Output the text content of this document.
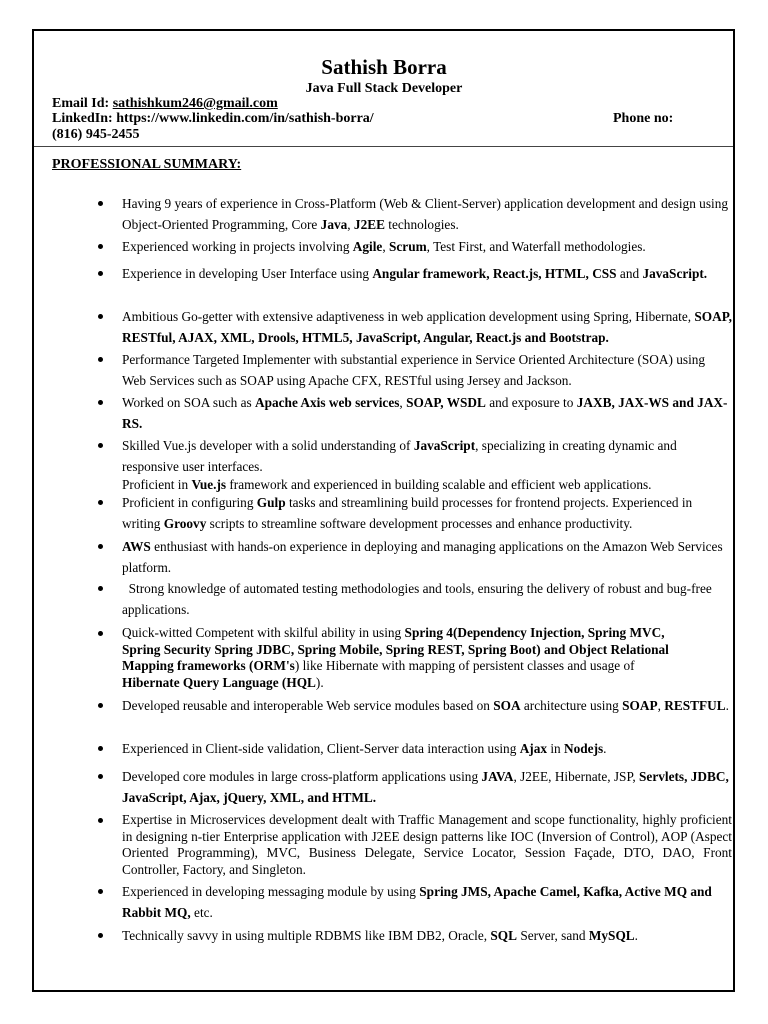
Sathish Borra
Java Full Stack Developer
Email Id: sathishkum246@gmail.com
LinkedIn: https://www.linkedin.com/in/sathish-borra/	Phone no:
(816) 945-2455
PROFESSIONAL SUMMARY:
Having 9 years of experience in Cross-Platform (Web & Client-Server) application development and design using Object-Oriented Programming, Core Java, J2EE technologies.
Experienced working in projects involving Agile, Scrum, Test First, and Waterfall methodologies.
Experience in developing User Interface using Angular framework, React.js, HTML, CSS and JavaScript.
Ambitious Go-getter with extensive adaptiveness in web application development using Spring, Hibernate, SOAP, RESTful, AJAX, XML, Drools, HTML5, JavaScript, Angular, React.js and Bootstrap.
Performance Targeted Implementer with substantial experience in Service Oriented Architecture (SOA) using Web Services such as SOAP using Apache CFX, RESTful using Jersey and Jackson.
Worked on SOA such as Apache Axis web services, SOAP, WSDL and exposure to JAXB, JAX-WS and JAX-RS.
Skilled Vue.js developer with a solid understanding of JavaScript, specializing in creating dynamic and responsive user interfaces.
Proficient in Vue.js framework and experienced in building scalable and efficient web applications.
Proficient in configuring Gulp tasks and streamlining build processes for frontend projects. Experienced in writing Groovy scripts to streamline software development processes and enhance productivity.
AWS enthusiast with hands-on experience in deploying and managing applications on the Amazon Web Services platform.
Strong knowledge of automated testing methodologies and tools, ensuring the delivery of robust and bug-free applications.
Quick-witted Competent with skilful ability in using Spring 4(Dependency Injection, Spring MVC,
Spring Security Spring JDBC, Spring Mobile, Spring REST, Spring Boot) and Object Relational
Mapping frameworks (ORM's) like Hibernate with mapping of persistent classes and usage of
Hibernate Query Language (HQL).
Developed reusable and interoperable Web service modules based on SOA architecture using SOAP, RESTFUL.
Experienced in Client-side validation, Client-Server data interaction using Ajax in Nodejs.
Developed core modules in large cross-platform applications using JAVA, J2EE, Hibernate, JSP, Servlets, JDBC, JavaScript, Ajax, jQuery, XML, and HTML.
Expertise in Microservices development dealt with Traffic Management and scope functionality, highly proficient in designing n-tier Enterprise application with J2EE design patterns like IOC (Inversion of Control), AOP (Aspect Oriented Programming), MVC, Business Delegate, Service Locator, Session Façade, DTO, DAO, Front Controller, Factory, and Singleton.
Experienced in developing messaging module by using Spring JMS, Apache Camel, Kafka, Active MQ and Rabbit MQ, etc.
Technically savvy in using multiple RDBMS like IBM DB2, Oracle, SQL Server, sand MySQL.
